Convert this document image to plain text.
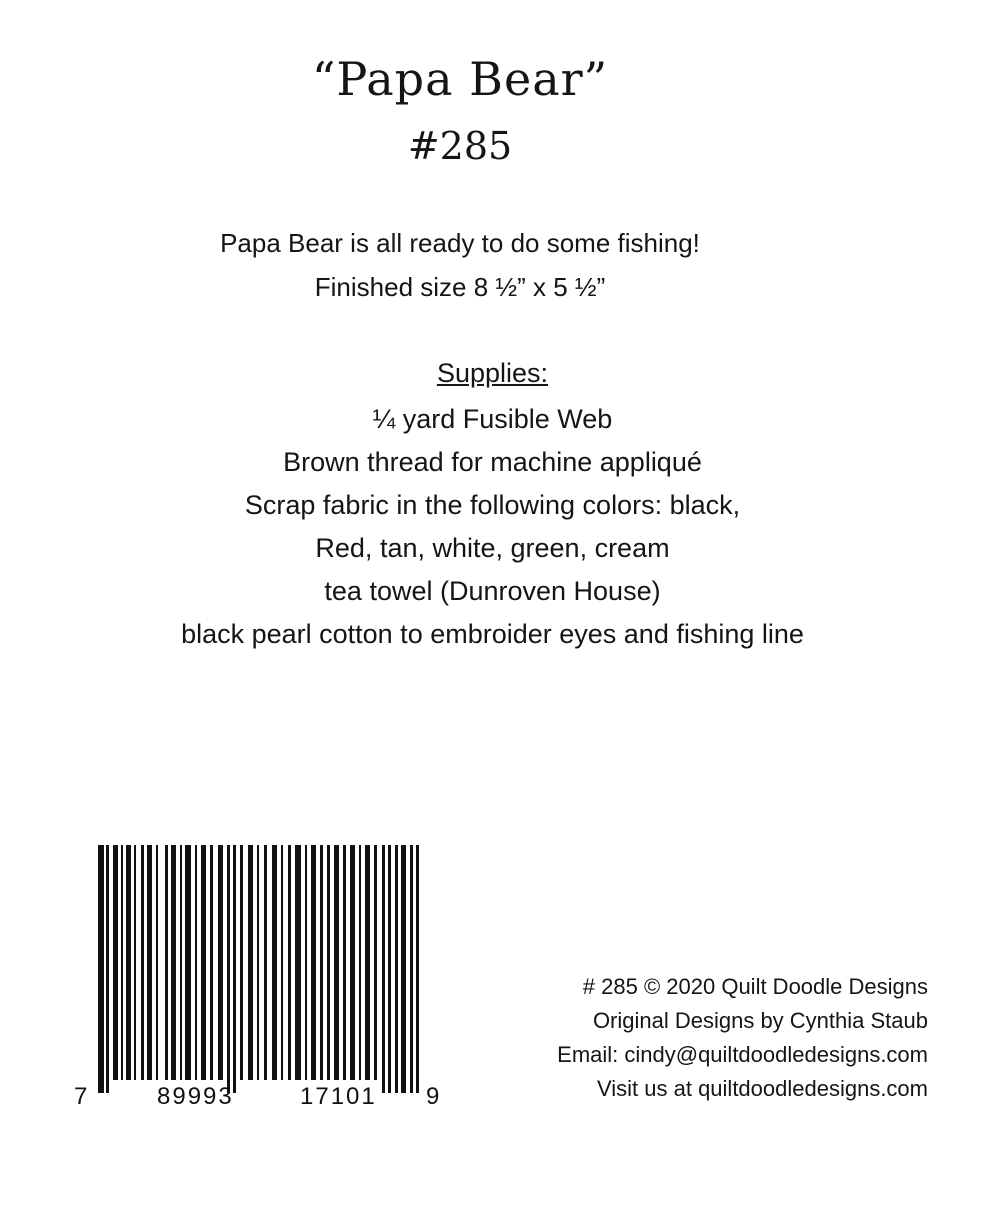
“Papa Bear”
#285
Papa Bear is all ready to do some fishing!
Finished size 8 ½” x 5 ½”
Supplies:
¼ yard Fusible Web
Brown thread for machine appliqué
Scrap fabric in the following colors: black,
Red, tan, white, green, cream
tea towel (Dunroven House)
black pearl cotton to embroider eyes and fishing line
7	89993	17101 9
# 285 © 2020 Quilt Doodle Designs
Original Designs by Cynthia Staub
Email: cindy@quiltdoodledesigns.com
Visit us at quiltdoodledesigns.com
